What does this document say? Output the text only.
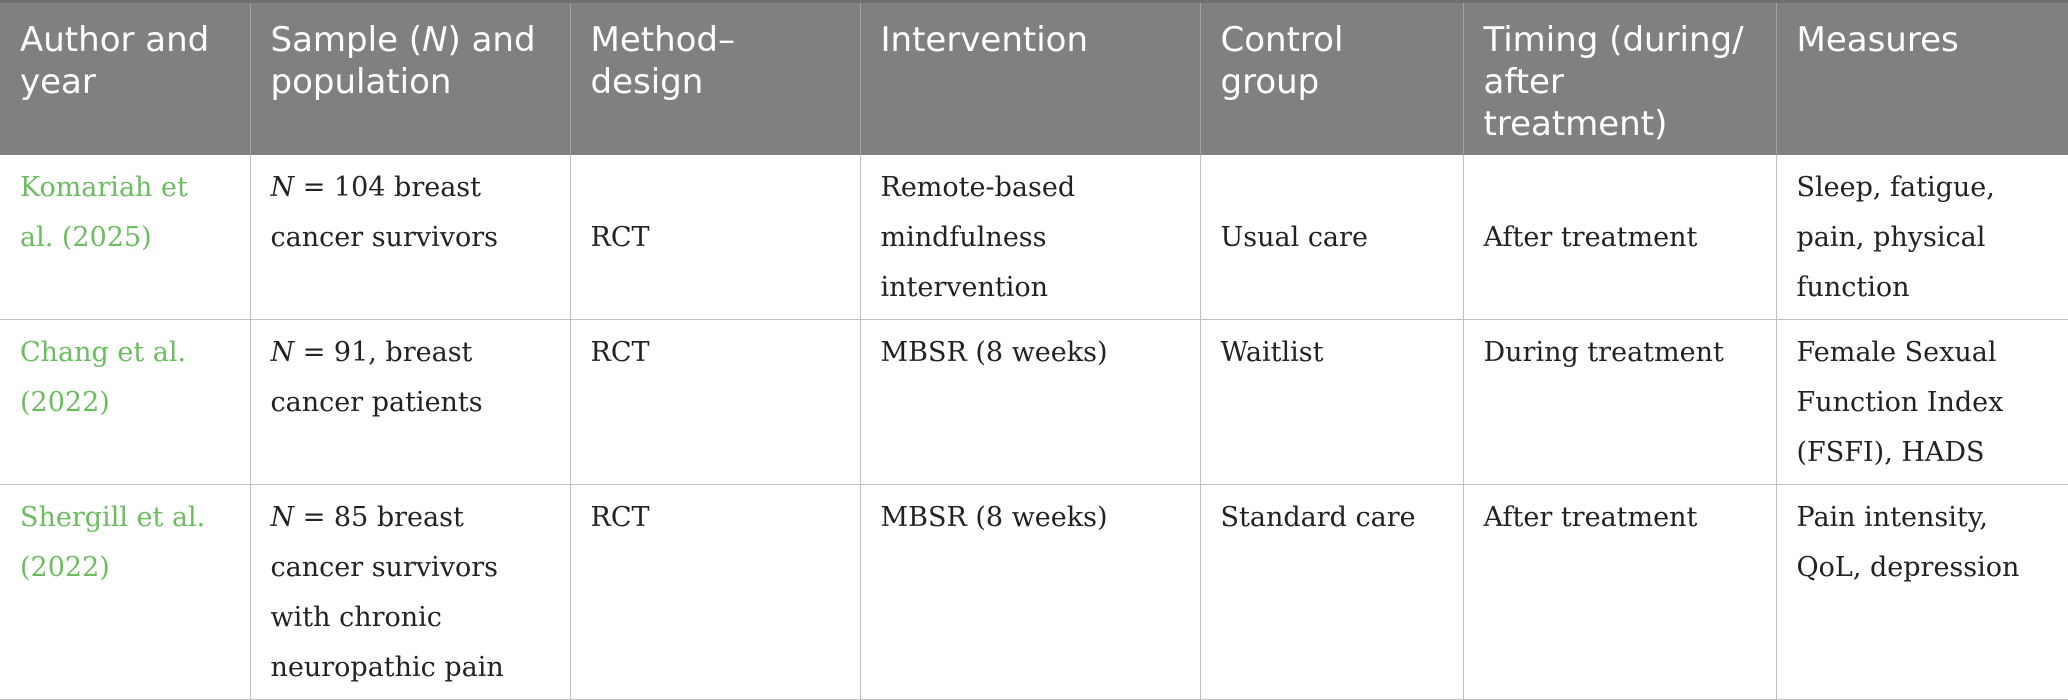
Author and year	Sample (N) and population	Method–design	Intervention	Control group	Timing (during/ after treatment)	Measures
Komariah et al. (2025)	N = 104 breast cancer survivors	RCT	Remote-based mindfulness intervention	Usual care	After treatment	Sleep, fatigue, pain, physical function
Chang et al. (2022)	N = 91, breast cancer patients	RCT	MBSR (8 weeks)	Waitlist	During treatment	Female Sexual Function Index (FSFI), HADS
Shergill et al. (2022)	N = 85 breast cancer survivors with chronic neuropathic pain	RCT	MBSR (8 weeks)	Standard care	After treatment	Pain intensity, QoL, depression
